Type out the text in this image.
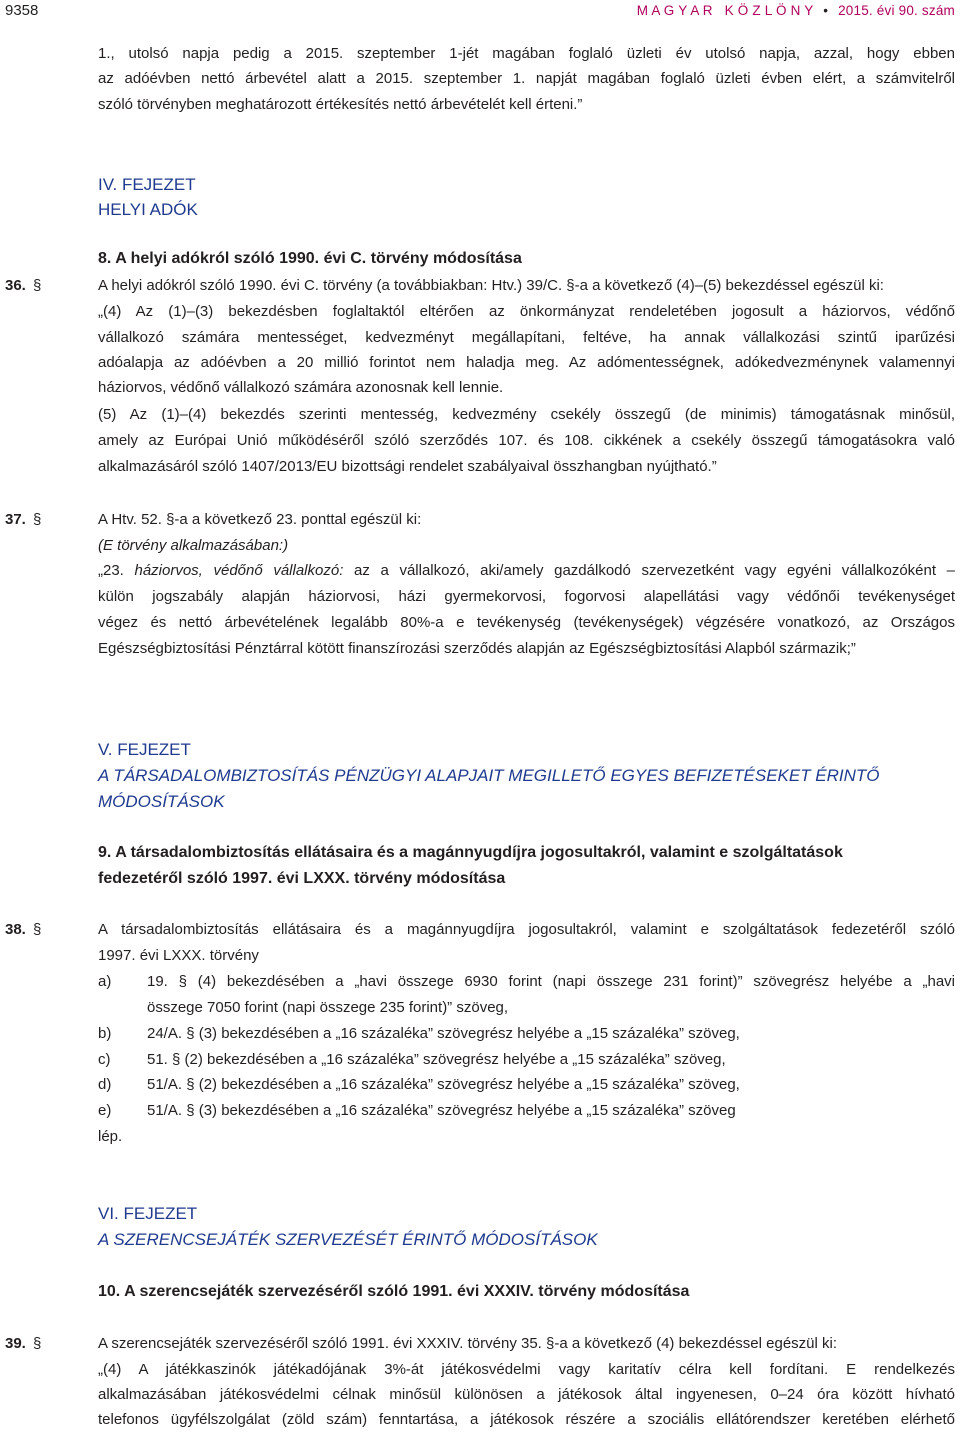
9358	M A G Y A R   K Ö Z L Ö N Y • 2015. évi 90. szám
1., utolsó napja pedig a 2015. szeptember 1-jét magában foglaló üzleti év utolsó napja, azzal, hogy ebben
az adóévben nettó árbevétel alatt a 2015. szeptember 1. napját magában foglaló üzleti évben elért, a számvitelről
szóló törvényben meghatározott értékesítés nettó árbevételét kell érteni.”
IV. FEJEZET
HELYI ADÓK
8. A helyi adókról szóló 1990. évi C. törvény módosítása
36. §	A helyi adókról szóló 1990. évi C. törvény (a továbbiakban: Htv.) 39/C. §-a a következő (4)–(5) bekezdéssel egészül ki:
„(4) Az (1)–(3) bekezdésben foglaltaktól eltérően az önkormányzat rendeletében jogosult a háziorvos, védőnő
vállalkozó számára mentességet, kedvezményt megállapítani, feltéve, ha annak vállalkozási szintű iparűzési
adóalapja az adóévben a 20 millió forintot nem haladja meg. Az adómentességnek, adókedvezménynek valamennyi
háziorvos, védőnő vállalkozó számára azonosnak kell lennie.
(5) Az (1)–(4) bekezdés szerinti mentesség, kedvezmény csekély összegű (de minimis) támogatásnak minősül,
amely az Európai Unió működéséről szóló szerződés 107. és 108. cikkének a csekély összegű támogatásokra való
alkalmazásáról szóló 1407/2013/EU bizottsági rendelet szabályaival összhangban nyújtható.”
37. §	A Htv. 52. §-a a következő 23. ponttal egészül ki:
(E törvény alkalmazásában:)
„23. háziorvos, védőnő vállalkozó: az a vállalkozó, aki/amely gazdálkodó szervezetként vagy egyéni vállalkozóként –
külön jogszabály alapján háziorvosi, házi gyermekorvosi, fogorvosi alapellátási vagy védőnői tevékenységet
végez és nettó árbevételének legalább 80%-a e tevékenység (tevékenységek) végzésére vonatkozó, az Országos
Egészségbiztosítási Pénztárral kötött finanszírozási szerződés alapján az Egészségbiztosítási Alapból származik;”
V. FEJEZET
A TÁRSADALOMBIZTOSÍTÁS PÉNZÜGYI ALAPJAIT MEGILLETŐ EGYES BEFIZETÉSEKET ÉRINTŐ
MÓDOSÍTÁSOK
9. A társadalombiztosítás ellátásaira és a magánnyugdíjra jogosultakról, valamint e szolgáltatások
fedezetéről szóló 1997. évi LXXX. törvény módosítása
38. §	A társadalombiztosítás ellátásaira és a magánnyugdíjra jogosultakról, valamint e szolgáltatások fedezetéről szóló
1997. évi LXXX. törvény
a) 19. § (4) bekezdésében a „havi összege 6930 forint (napi összege 231 forint)” szövegrész helyébe a „havi
összege 7050 forint (napi összege 235 forint)” szöveg,
b) 24/A. § (3) bekezdésében a „16 százaléka” szövegrész helyébe a „15 százaléka” szöveg,
c) 51. § (2) bekezdésében a „16 százaléka” szövegrész helyébe a „15 százaléka” szöveg,
d) 51/A. § (2) bekezdésében a „16 százaléka” szövegrész helyébe a „15 százaléka” szöveg,
e) 51/A. § (3) bekezdésében a „16 százaléka” szövegrész helyébe a „15 százaléka” szöveg
lép.
VI. FEJEZET
A SZERENCSEJÁTÉK SZERVEZÉSÉT ÉRINTŐ MÓDOSÍTÁSOK
10. A szerencsejáték szervezéséről szóló 1991. évi XXXIV. törvény módosítása
39. §	A szerencsejáték szervezéséről szóló 1991. évi XXXIV. törvény 35. §-a a következő (4) bekezdéssel egészül ki:
„(4) A játékkaszinók játékadójának 3%-át játékosvédelmi vagy karitatív célra kell fordítani. E rendelkezés
alkalmazásában játékosvédelmi célnak minősül különösen a játékosok által ingyenesen, 0–24 óra között hívható
telefonos ügyfélszolgálat (zöld szám) fenntartása, a játékosok részére a szociális ellátórendszer keretében elérhető
